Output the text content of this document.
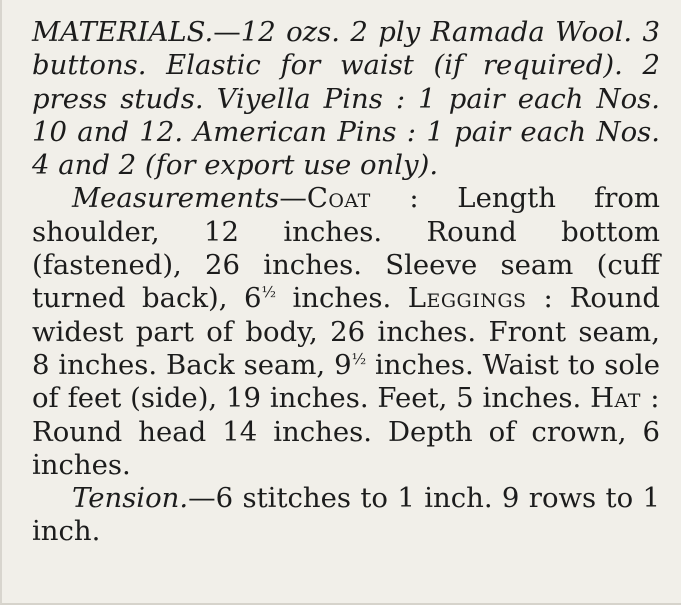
MATERIALS.—12 ozs. 2 ply Ramada Wool. 3 buttons. Elastic for waist (if required). 2 press studs. Viyella Pins : 1 pair each Nos. 10 and 12. American Pins : 1 pair each Nos. 4 and 2 (for export use only).

Measurements—Coat : Length from shoulder, 12 inches. Round bottom (fastened), 26 inches. Sleeve seam (cuff turned back), $6^{\frac{1}{2}}$ inches. Leggings : Round widest part of body, 26 inches. Front seam, 8 inches. Back seam, $9^{\frac{1}{2}}$ inches. Waist to sole of feet (side), 19 inches. Feet, 5 inches. Hat : Round head 14 inches. Depth of crown, 6 inches.

Tension.—6 stitches to 1 inch. 9 rows to 1 inch.
